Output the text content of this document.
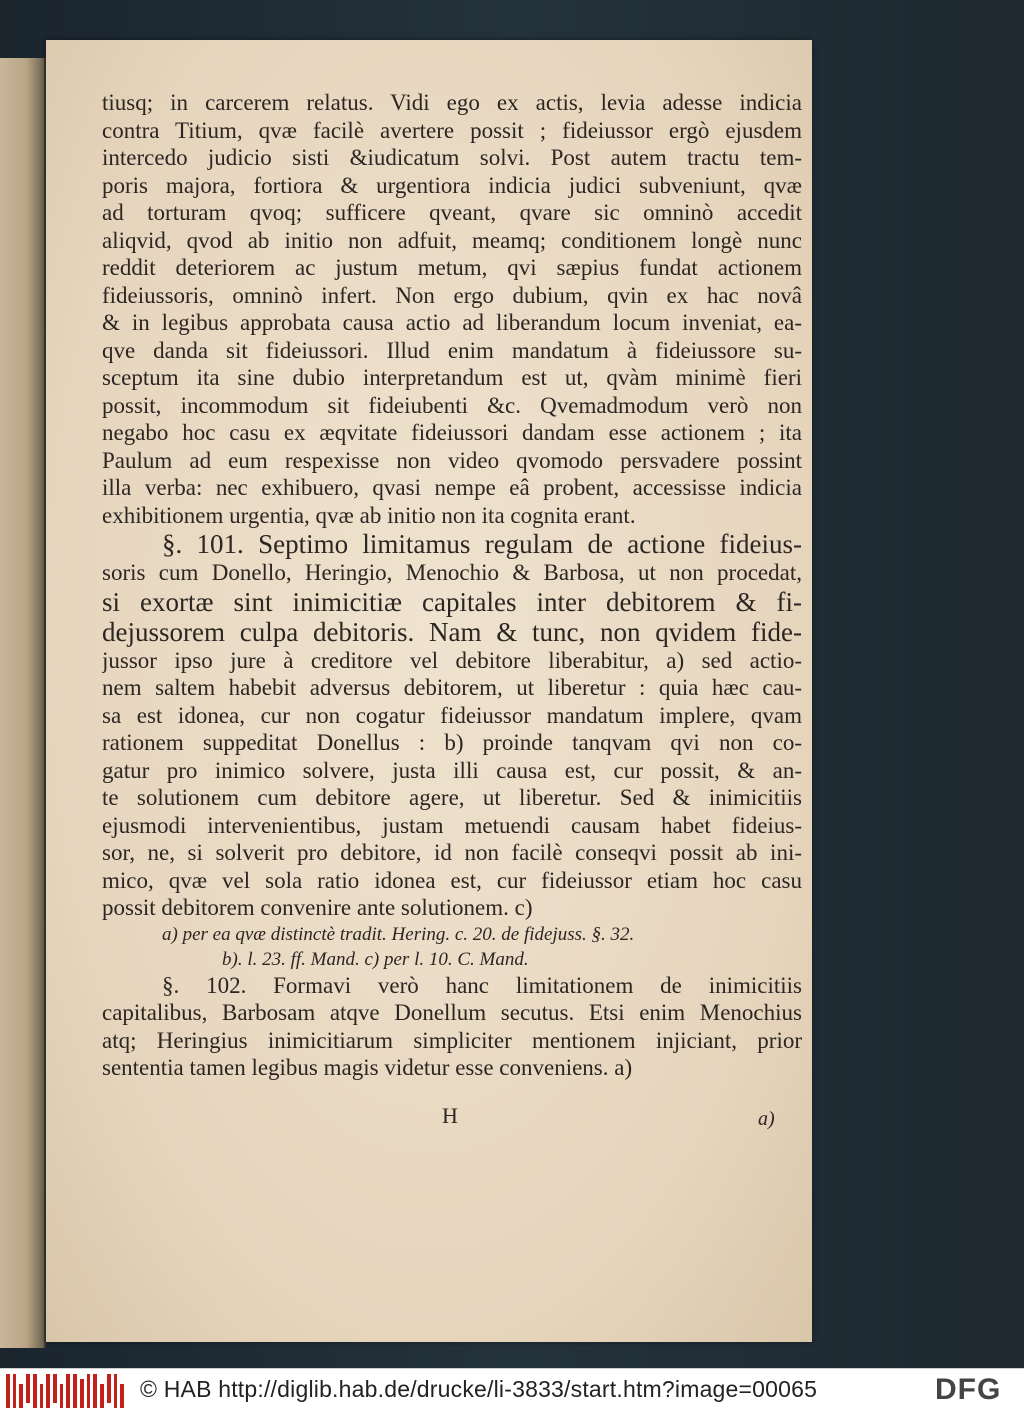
tiusq; in carcerem relatus. Vidi ego ex actis, levia adesse indicia
contra Titium, qvæ facilè avertere possit ; fideiussor ergò ejusdem
intercedo judicio sisti &iudicatum solvi. Post autem tractu tem-
poris majora, fortiora & urgentiora indicia judici subveniunt, qvæ
ad torturam qvoq; sufficere qveant, qvare sic omninò accedit
aliqvid, qvod ab initio non adfuit, meamq; conditionem longè nunc
reddit deteriorem ac justum metum, qvi sæpius fundat actionem
fideiussoris, omninò infert. Non ergo dubium, qvin ex hac novâ
& in legibus approbata causa actio ad liberandum locum inveniat, ea-
qve danda sit fideiussori. Illud enim mandatum à fideiussore su-
sceptum ita sine dubio interpretandum est ut, qvàm minimè fieri
possit, incommodum sit fideiubenti &c. Qvemadmodum verò non
negabo hoc casu ex æqvitate fideiussori dandam esse actionem ; ita
Paulum ad eum respexisse non video qvomodo persvadere possint
illa verba: nec exhibuero, qvasi nempe eâ probent, accessisse indicia
exhibitionem urgentia, qvæ ab initio non ita cognita erant.
§. 101. Septimo limitamus regulam de actione fideius-
soris cum Donello, Heringio, Menochio & Barbosa, ut non procedat,
si exortæ sint inimicitiæ capitales inter debitorem & fi-
dejussorem culpa debitoris. Nam & tunc, non qvidem fide-
jussor ipso jure à creditore vel debitore liberabitur, a) sed actio-
nem saltem habebit adversus debitorem, ut liberetur : quia hæc cau-
sa est idonea, cur non cogatur fideiussor mandatum implere, qvam
rationem suppeditat Donellus : b) proinde tanqvam qvi non co-
gatur pro inimico solvere, justa illi causa est, cur possit, & an-
te solutionem cum debitore agere, ut liberetur. Sed & inimicitiis
ejusmodi intervenientibus, justam metuendi causam habet fideius-
sor, ne, si solverit pro debitore, id non facilè conseqvi possit ab ini-
mico, qvæ vel sola ratio idonea est, cur fideiussor etiam hoc casu
possit debitorem convenire ante solutionem. c)
a) per ea qvæ distinctè tradit. Hering. c. 20. de fidejuss. §. 32.
b). l. 23. ff. Mand. c) per l. 10. C. Mand.
§. 102. Formavi verò hanc limitationem de inimicitiis
capitalibus, Barbosam atqve Donellum secutus. Etsi enim Menochius
atq; Heringius inimicitiarum simpliciter mentionem injiciant, prior
sententia tamen legibus magis videtur esse conveniens. a)
H	a)
© HAB http://diglib.hab.de/drucke/li-3833/start.htm?image=00065	DFG
